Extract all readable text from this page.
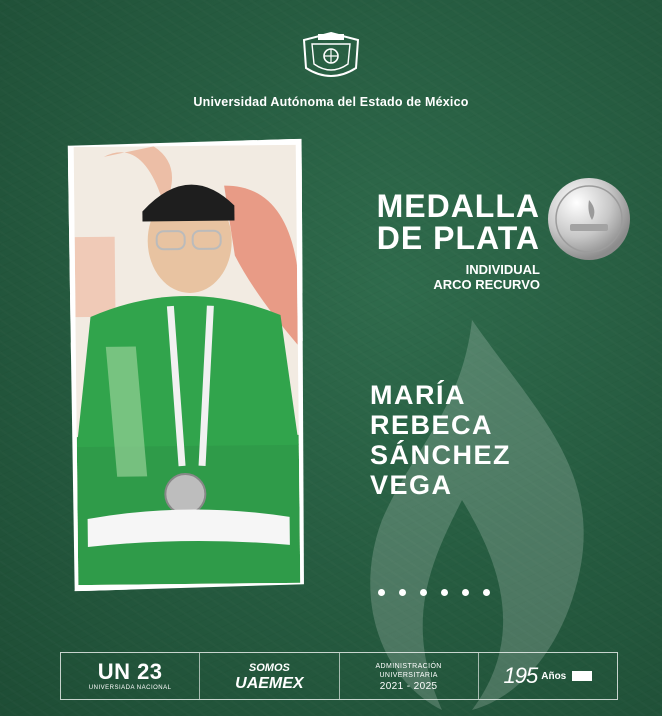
Universidad Autónoma del Estado de México
MEDALLA
DE PLATA
INDIVIDUAL
ARCO RECURVO
MARÍA
REBECA
SÁNCHEZ
VEGA
UN 23
UNIVERSIADA NACIONAL
SOMOS
UAEMEX
ADMINISTRACIÓN
UNIVERSITARIA
2021 - 2025	195 Años
